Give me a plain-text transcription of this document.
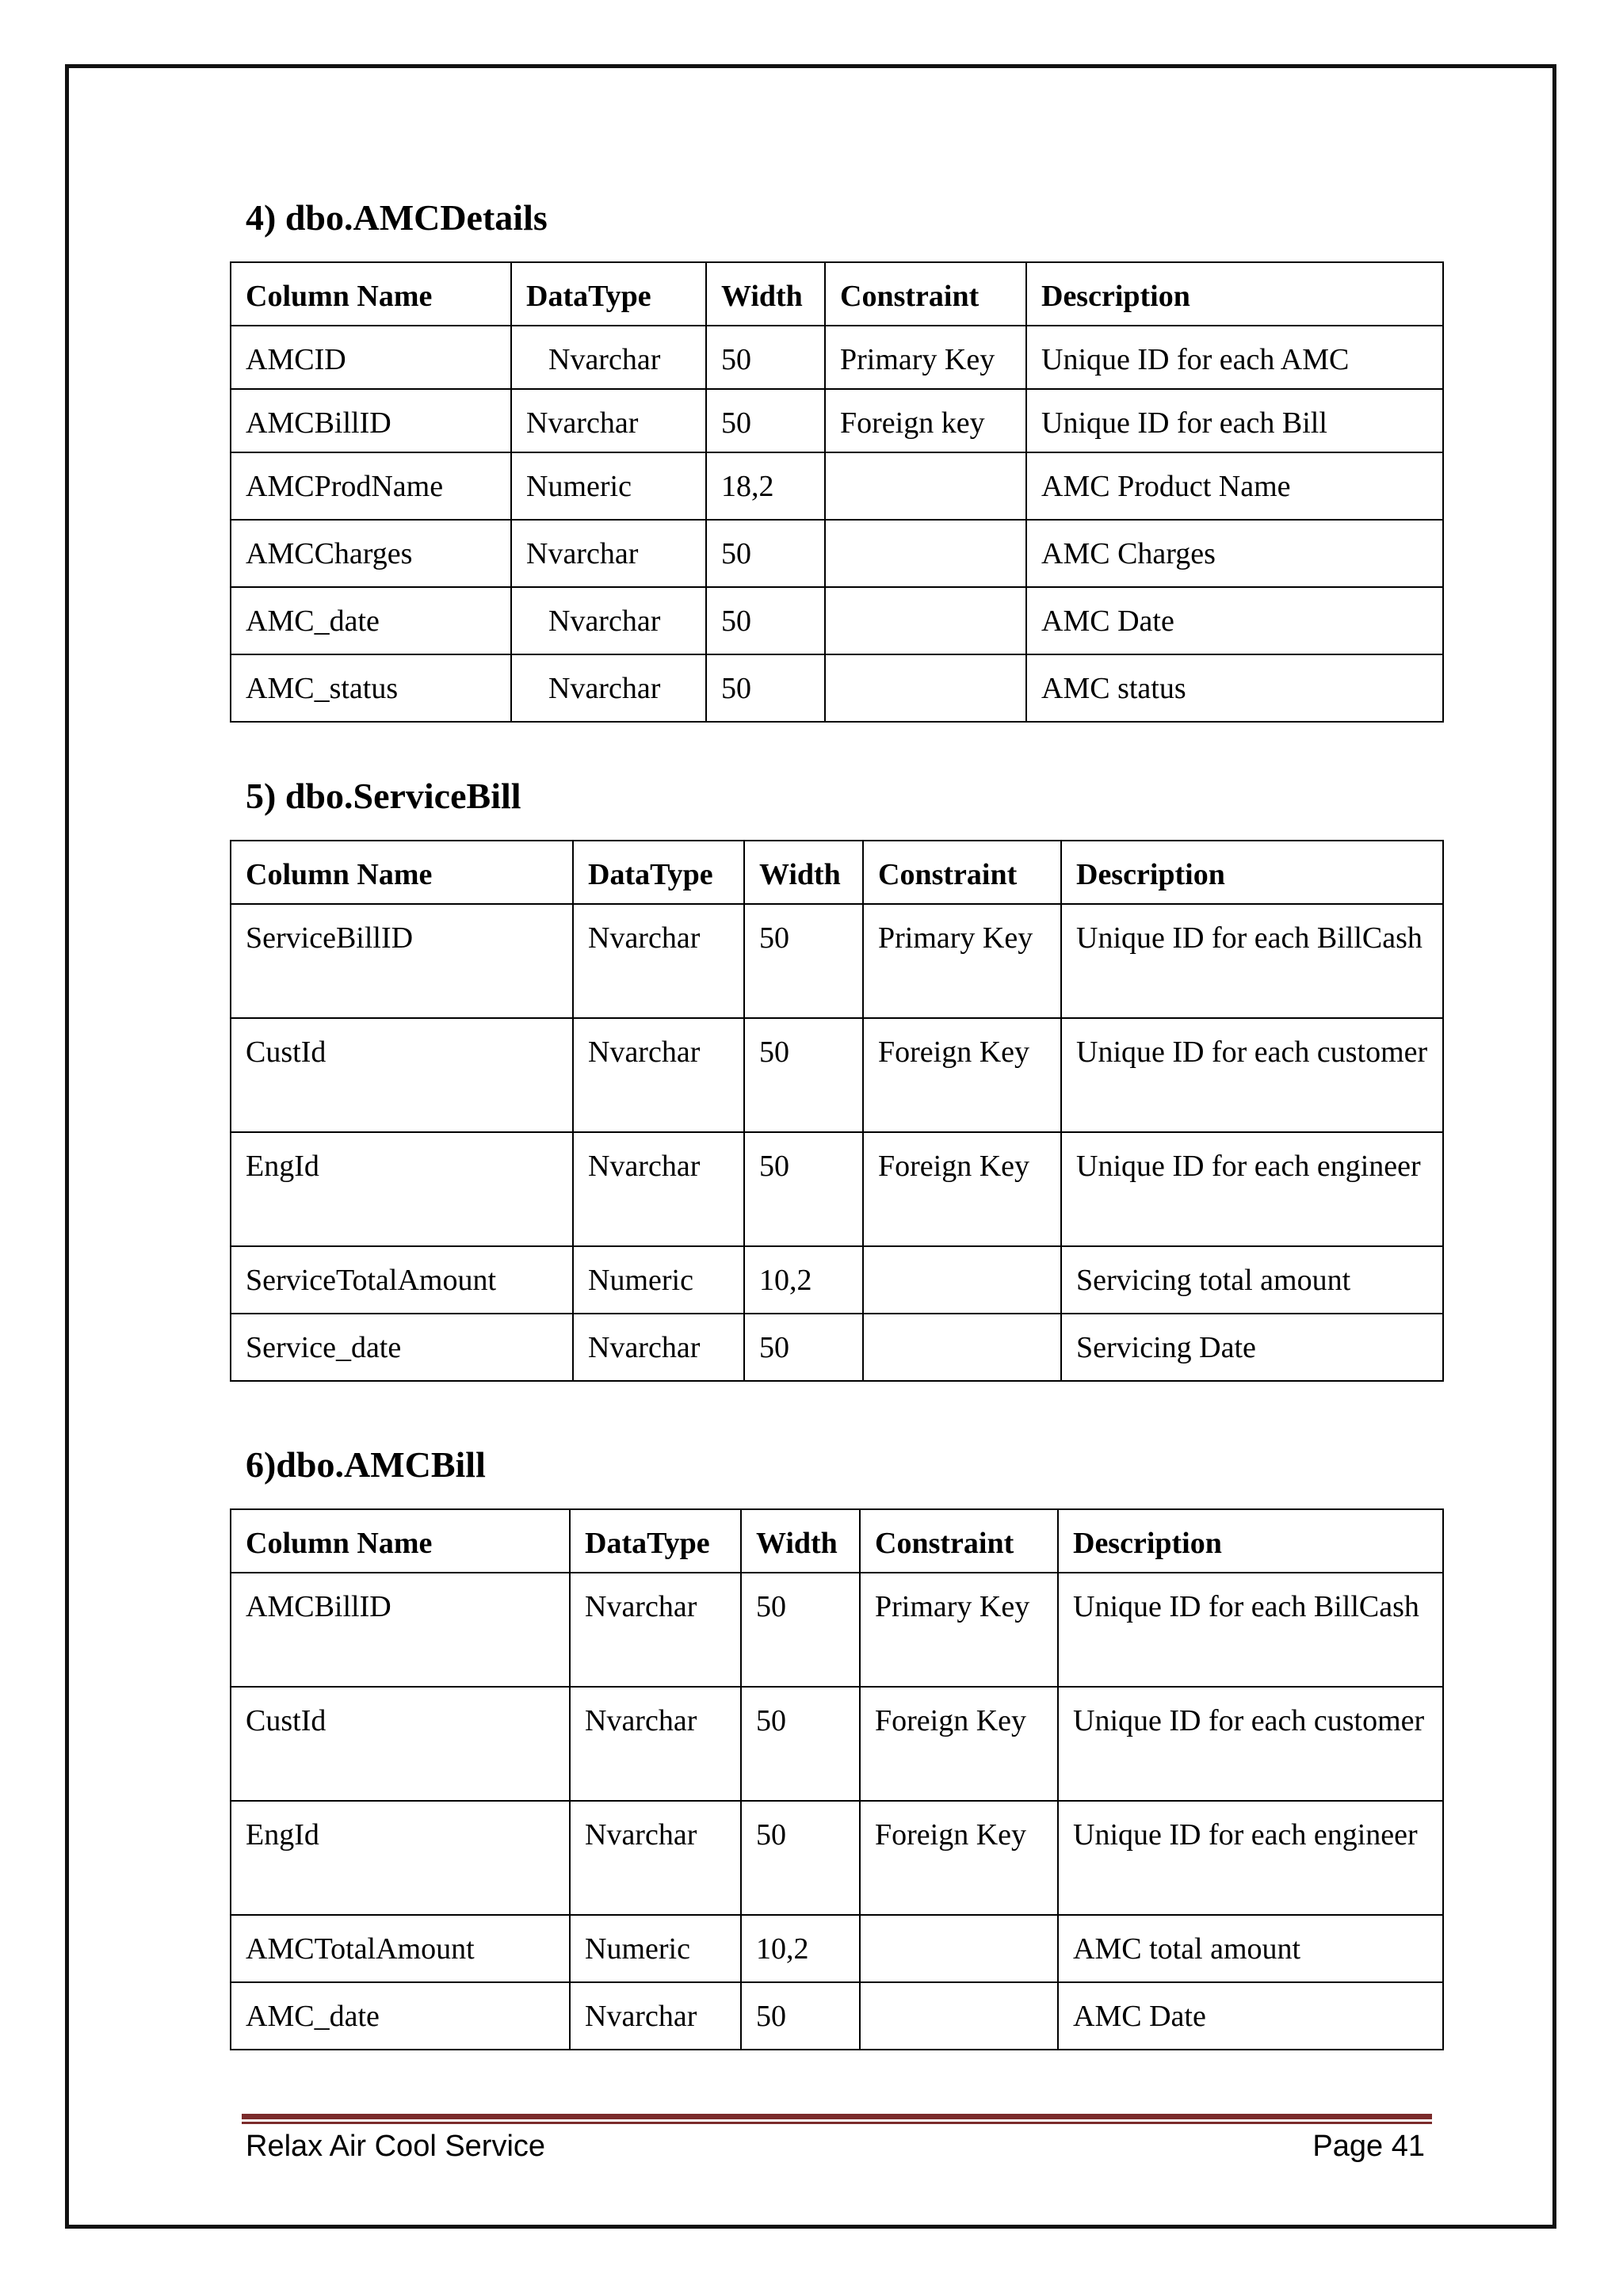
4) dbo.AMCDetails
Column Name	DataType	Width	Constraint	Description
AMCID	Nvarchar	50	Primary Key	Unique ID for each AMC
AMCBillID	Nvarchar	50	Foreign key	Unique ID for each Bill
AMCProdName	Numeric	18,2		AMC Product Name
AMCCharges	Nvarchar	50		AMC Charges
AMC_date	Nvarchar	50		AMC Date
AMC_status	Nvarchar	50		AMC status
5) dbo.ServiceBill
Column Name	DataType	Width	Constraint	Description
ServiceBillID	Nvarchar	50	Primary Key	Unique ID for each BillCash
CustId	Nvarchar	50	Foreign Key	Unique ID for each customer
EngId	Nvarchar	50	Foreign Key	Unique ID for each engineer
ServiceTotalAmount	Numeric	10,2		Servicing total amount
Service_date	Nvarchar	50		Servicing Date
6)dbo.AMCBill
Column Name	DataType	Width	Constraint	Description
AMCBillID	Nvarchar	50	Primary Key	Unique ID for each BillCash
CustId	Nvarchar	50	Foreign Key	Unique ID for each customer
EngId	Nvarchar	50	Foreign Key	Unique ID for each engineer
AMCTotalAmount	Numeric	10,2		AMC total amount
AMC_date	Nvarchar	50		AMC Date
Relax Air Cool Service	Page 41
